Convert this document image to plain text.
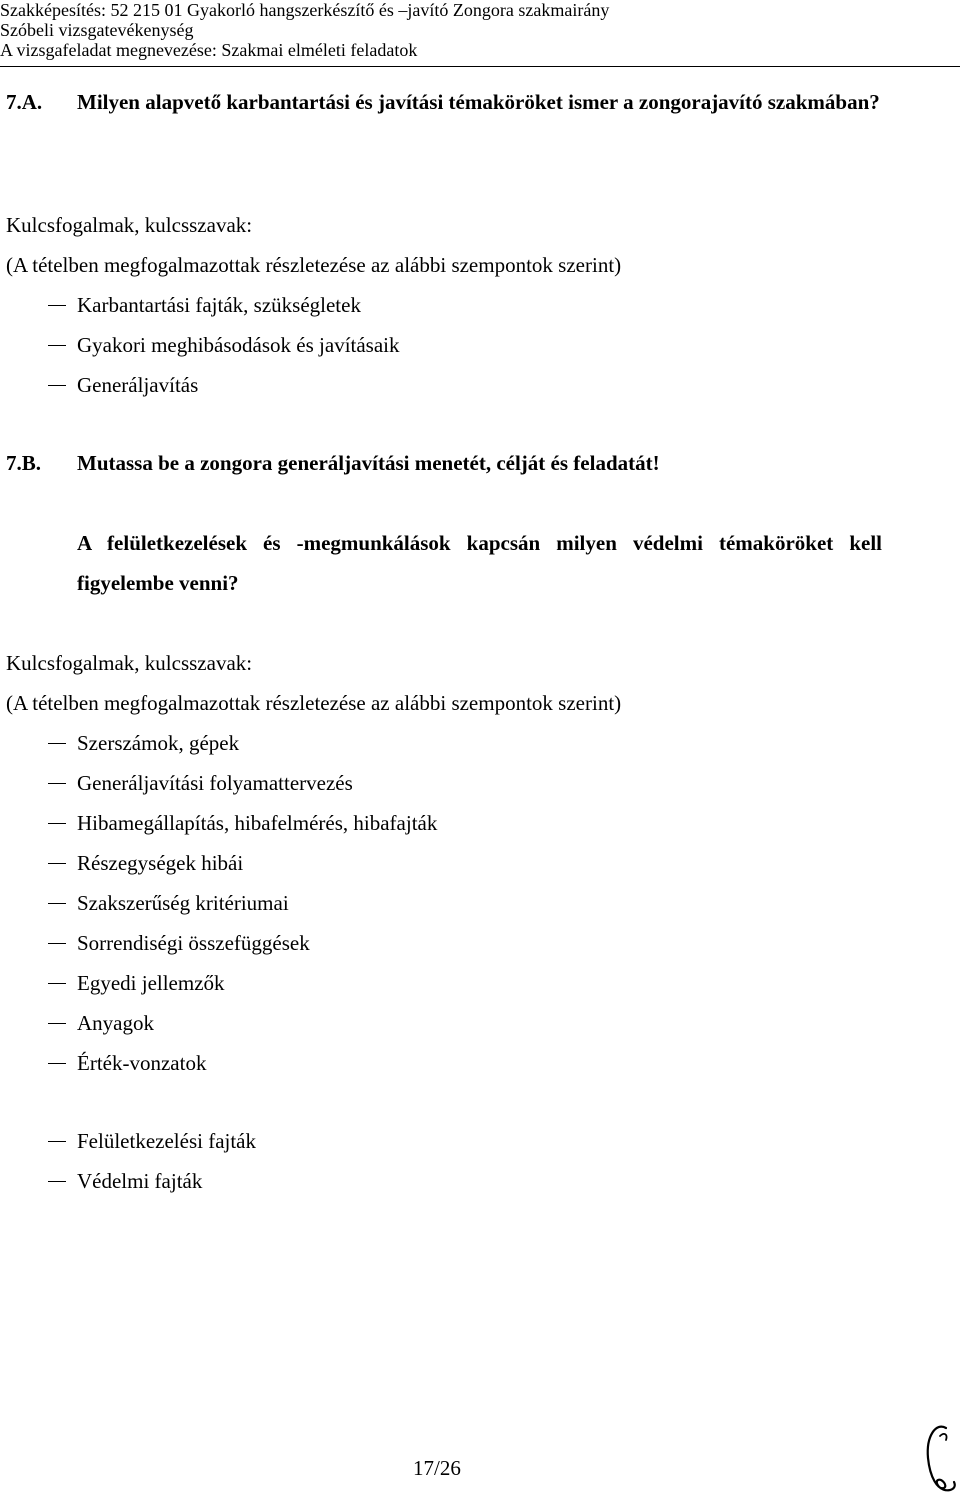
Szakképesítés: 52 215 01 Gyakorló hangszerkészítő és –javító Zongora szakmairány
Szóbeli vizsgatevékenység
A vizsgafeladat megnevezése: Szakmai elméleti feladatok
7.A. Milyen alapvető karbantartási és javítási témaköröket ismer a zongorajavító szakmában?
Kulcsfogalmak, kulcsszavak:
(A tételben megfogalmazottak részletezése az alábbi szempontok szerint)
Karbantartási fajták, szükségletek
Gyakori meghibásodások és javításaik
Generáljavítás
7.B. Mutassa be a zongora generáljavítási menetét, célját és feladatát!
A felületkezelések és -megmunkálások kapcsán milyen védelmi témaköröket kell figyelembe venni?
Kulcsfogalmak, kulcsszavak:
(A tételben megfogalmazottak részletezése az alábbi szempontok szerint)
Szerszámok, gépek
Generáljavítási folyamattervezés
Hibamegállapítás, hibafelmérés, hibafajták
Részegységek hibái
Szakszerűség kritériumai
Sorrendiségi összefüggések
Egyedi jellemzők
Anyagok
Érték-vonzatok
Felületkezelési fajták
Védelmi fajták
17/26
